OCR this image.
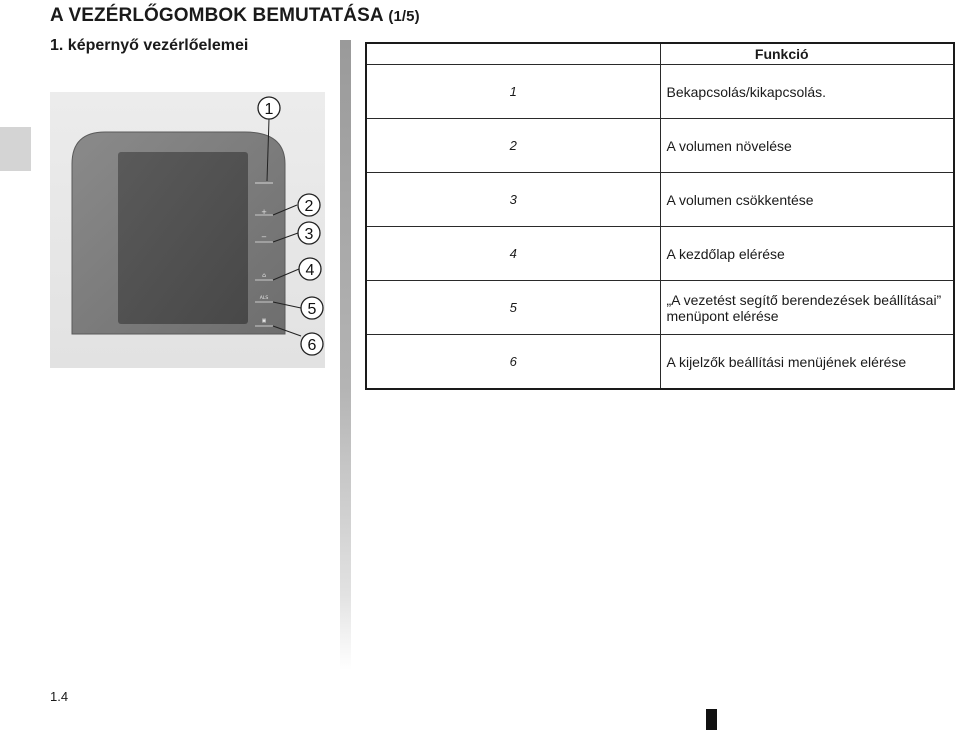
A VEZÉRLŐGOMBOK BEMUTATÁSA (1/5)
1. képernyő vezérlőelemei
+
−
⌂
ALS
▣
1
2
3
4
5
6
	Funkció
1	Bekapcsolás/kikapcsolás.
2	A volumen növelése
3	A volumen csökkentése
4	A kezdőlap elérése
5	„A vezetést segítő berendezések beállításai” menüpont elérése
6	A kijelzők beállítási menüjének elérése
1.4
